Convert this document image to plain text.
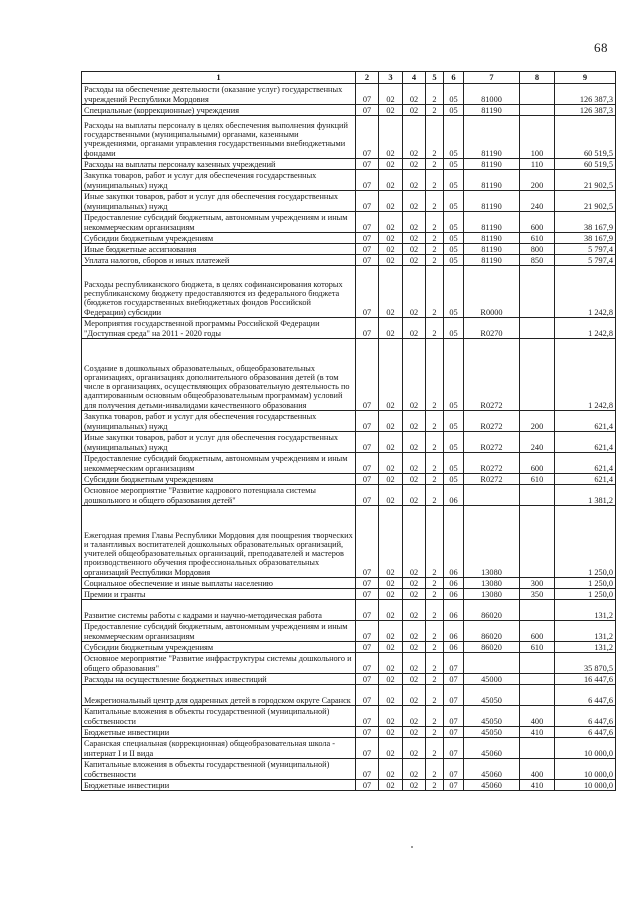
68
1	2	3	4	5	6	7	8	9
Расходы на обеспечение деятельности (оказание услуг) государственных учреждений Республики Мордовия	07	02	02	2	05	81000		126 387,3
Специальные (коррекционные) учреждения	07	02	02	2	05	81190		126 387,3
Расходы на выплаты персоналу в целях обеспечения выполнения функций государственными (муниципальными) органами, казенными учреждениями, органами управления государственными внебюджетными фондами	07	02	02	2	05	81190	100	60 519,5
Расходы на выплаты персоналу казенных учреждений	07	02	02	2	05	81190	110	60 519,5
Закупка товаров, работ и услуг для обеспечения государственных (муниципальных) нужд	07	02	02	2	05	81190	200	21 902,5
Иные закупки товаров, работ и услуг для обеспечения государственных (муниципальных) нужд	07	02	02	2	05	81190	240	21 902,5
Предоставление субсидий бюджетным, автономным учреждениям и иным некоммерческим организациям	07	02	02	2	05	81190	600	38 167,9
Субсидии бюджетным учреждениям	07	02	02	2	05	81190	610	38 167,9
Иные бюджетные ассигнования	07	02	02	2	05	81190	800	5 797,4
Уплата налогов, сборов и иных платежей	07	02	02	2	05	81190	850	5 797,4
Расходы республиканского бюджета, в целях софинансирования которых республиканскому бюджету предоставляются из федерального бюджета (бюджетов государственных внебюджетных фондов Российской Федерации) субсидии	07	02	02	2	05	R0000		1 242,8
Мероприятия государственной программы Российской Федерации "Доступная среда" на 2011 - 2020 годы	07	02	02	2	05	R0270		1 242,8
Создание в дошкольных образовательных, общеобразовательных организациях, организациях дополнительного образования детей (в том числе в организациях, осуществляющих образовательную деятельность по адаптированным основным общеобразовательным программам) условий для получения детьми-инвалидами качественного образования	07	02	02	2	05	R0272		1 242,8
Закупка товаров, работ и услуг для обеспечения государственных (муниципальных) нужд	07	02	02	2	05	R0272	200	621,4
Иные закупки товаров, работ и услуг для обеспечения государственных (муниципальных) нужд	07	02	02	2	05	R0272	240	621,4
Предоставление субсидий бюджетным, автономным учреждениям и иным некоммерческим организациям	07	02	02	2	05	R0272	600	621,4
Субсидии бюджетным учреждениям	07	02	02	2	05	R0272	610	621,4
Основное мероприятие "Развитие кадрового потенциала системы дошкольного и общего образования детей"	07	02	02	2	06			1 381,2
Ежегодная премия Главы Республики Мордовия для поощрения творческих и талантливых воспитателей дошкольных образовательных организаций, учителей общеобразовательных организаций, преподавателей и мастеров производственного обучения профессиональных образовательных организаций Республики Мордовия	07	02	02	2	06	13080		1 250,0
Социальное обеспечение и иные выплаты населению	07	02	02	2	06	13080	300	1 250,0
Премии и гранты	07	02	02	2	06	13080	350	1 250,0
Развитие системы работы с кадрами и научно-методическая работа	07	02	02	2	06	86020		131,2
Предоставление субсидий бюджетным, автономным учреждениям и иным некоммерческим организациям	07	02	02	2	06	86020	600	131,2
Субсидии бюджетным учреждениям	07	02	02	2	06	86020	610	131,2
Основное мероприятие "Развитие инфраструктуры системы дошкольного и общего образования"	07	02	02	2	07			35 870,5
Расходы на осуществление бюджетных инвестиций	07	02	02	2	07	45000		16 447,6
Межрегиональный центр для одаренных детей в городском округе Саранск	07	02	02	2	07	45050		6 447,6
Капитальные вложения в объекты государственной (муниципальной) собственности	07	02	02	2	07	45050	400	6 447,6
Бюджетные инвестиции	07	02	02	2	07	45050	410	6 447,6
Саранская специальная (коррекционная) общеобразовательная школа - интернат I и II вида	07	02	02	2	07	45060		10 000,0
Капитальные вложения в объекты государственной (муниципальной) собственности	07	02	02	2	07	45060	400	10 000,0
Бюджетные инвестиции	07	02	02	2	07	45060	410	10 000,0
